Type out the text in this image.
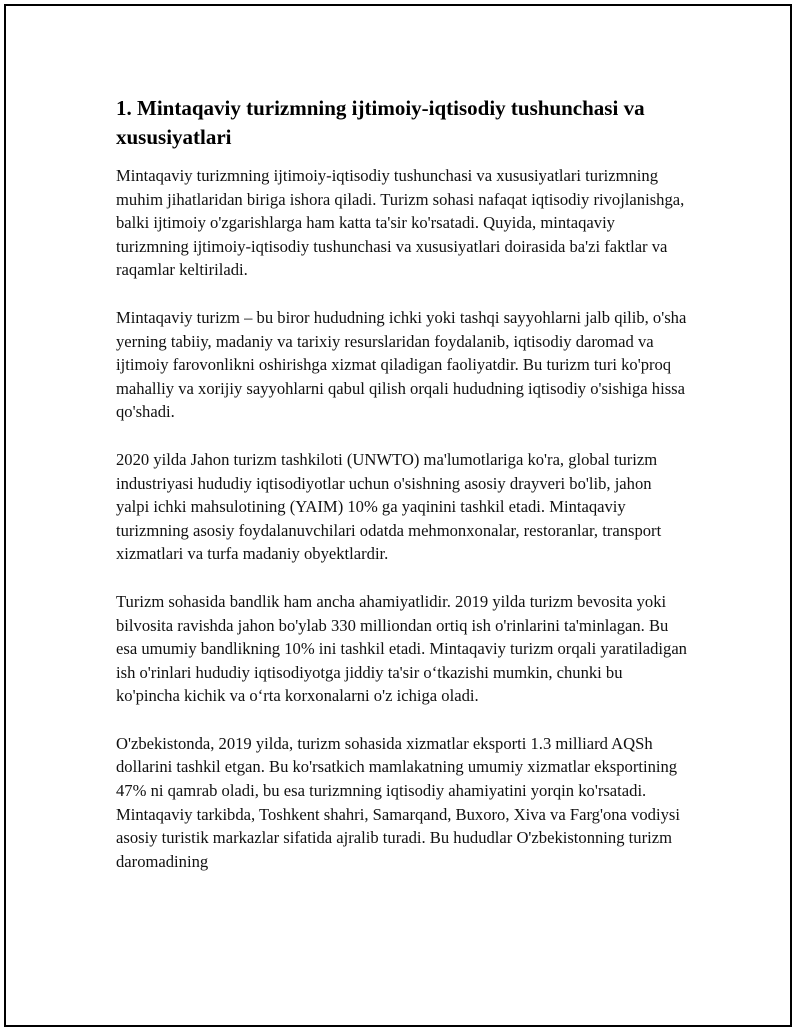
1. Mintaqaviy turizmning ijtimoiy-iqtisodiy tushunchasi va xususiyatlari

Mintaqaviy turizmning ijtimoiy-iqtisodiy tushunchasi va xususiyatlari turizmning muhim jihatlaridan biriga ishora qiladi. Turizm sohasi nafaqat iqtisodiy rivojlanishga, balki ijtimoiy o'zgarishlarga ham katta ta'sir ko'rsatadi. Quyida, mintaqaviy turizmning ijtimoiy-iqtisodiy tushunchasi va xususiyatlari doirasida ba'zi faktlar va raqamlar keltiriladi.

Mintaqaviy turizm – bu biror hududning ichki yoki tashqi sayyohlarni jalb qilib, o'sha yerning tabiiy, madaniy va tarixiy resurslaridan foydalanib, iqtisodiy daromad va ijtimoiy farovonlikni oshirishga xizmat qiladigan faoliyatdir. Bu turizm turi ko'proq mahalliy va xorijiy sayyohlarni qabul qilish orqali hududning iqtisodiy o'sishiga hissa qo'shadi.

2020 yilda Jahon turizm tashkiloti (UNWTO) ma'lumotlariga ko'ra, global turizm industriyasi hududiy iqtisodiyotlar uchun o'sishning asosiy drayveri bo'lib, jahon yalpi ichki mahsulotining (YAIM) 10% ga yaqinini tashkil etadi. Mintaqaviy turizmning asosiy foydalanuvchilari odatda mehmonxonalar, restoranlar, transport xizmatlari va turfa madaniy obyektlardir.

Turizm sohasida bandlik ham ancha ahamiyatlidir. 2019 yilda turizm bevosita yoki bilvosita ravishda jahon bo'ylab 330 milliondan ortiq ish o'rinlarini ta'minlagan. Bu esa umumiy bandlikning 10% ini tashkil etadi. Mintaqaviy turizm orqali yaratiladigan ish o'rinlari hududiy iqtisodiyotga jiddiy ta'sir o‘tkazishi mumkin, chunki bu ko'pincha kichik va o‘rta korxonalarni o'z ichiga oladi.

O'zbekistonda, 2019 yilda, turizm sohasida xizmatlar eksporti 1.3 milliard AQSh dollarini tashkil etgan. Bu ko'rsatkich mamlakatning umumiy xizmatlar eksportining 47% ni qamrab oladi, bu esa turizmning iqtisodiy ahamiyatini yorqin ko'rsatadi. Mintaqaviy tarkibda, Toshkent shahri, Samarqand, Buxoro, Xiva va Farg'ona vodiysi asosiy turistik markazlar sifatida ajralib turadi. Bu hududlar O'zbekistonning turizm daromadining
